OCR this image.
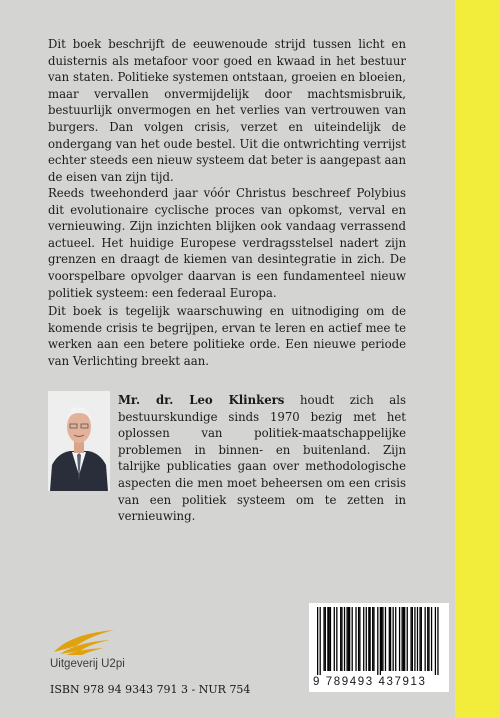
Dit boek beschrijft de eeuwenoude strijd tussen licht en duisternis als metafoor voor goed en kwaad in het bestuur van staten. Politieke systemen ontstaan, groeien en bloeien, maar vervallen onvermijdelijk door machtsmisbruik, bestuurlijk onvermogen en het verlies van vertrouwen van burgers. Dan volgen crisis, verzet en uiteindelijk de ondergang van het oude bestel. Uit die ontwrichting verrijst echter steeds een nieuw systeem dat beter is aangepast aan de eisen van zijn tijd.

Reeds tweehonderd jaar vóór Christus beschreef Polybius dit evolutionaire cyclische proces van opkomst, verval en vernieuwing. Zijn inzichten blijken ook vandaag verrassend actueel. Het huidige Europese verdragsstelsel nadert zijn grenzen en draagt de kiemen van desintegratie in zich. De voorspelbare opvolger daarvan is een fundamenteel nieuw politiek systeem: een federaal Europa.

Dit boek is tegelijk waarschuwing en uitnodiging om de komende crisis te begrijpen, ervan te leren en actief mee te werken aan een betere politieke orde. Een nieuwe periode van Verlichting breekt aan.

Mr. dr. Leo Klinkers houdt zich als bestuurskundige sinds 1970 bezig met het oplossen van politiek-maatschappelijke problemen in binnen- en buitenland. Zijn talrijke publicaties gaan over methodologische aspecten die men moet beheersen om een crisis van een politiek systeem om te zetten in vernieuwing.

Uitgeverij U2pi
ISBN 978 94 9343 791 3 - NUR 754
9 789493 437913
